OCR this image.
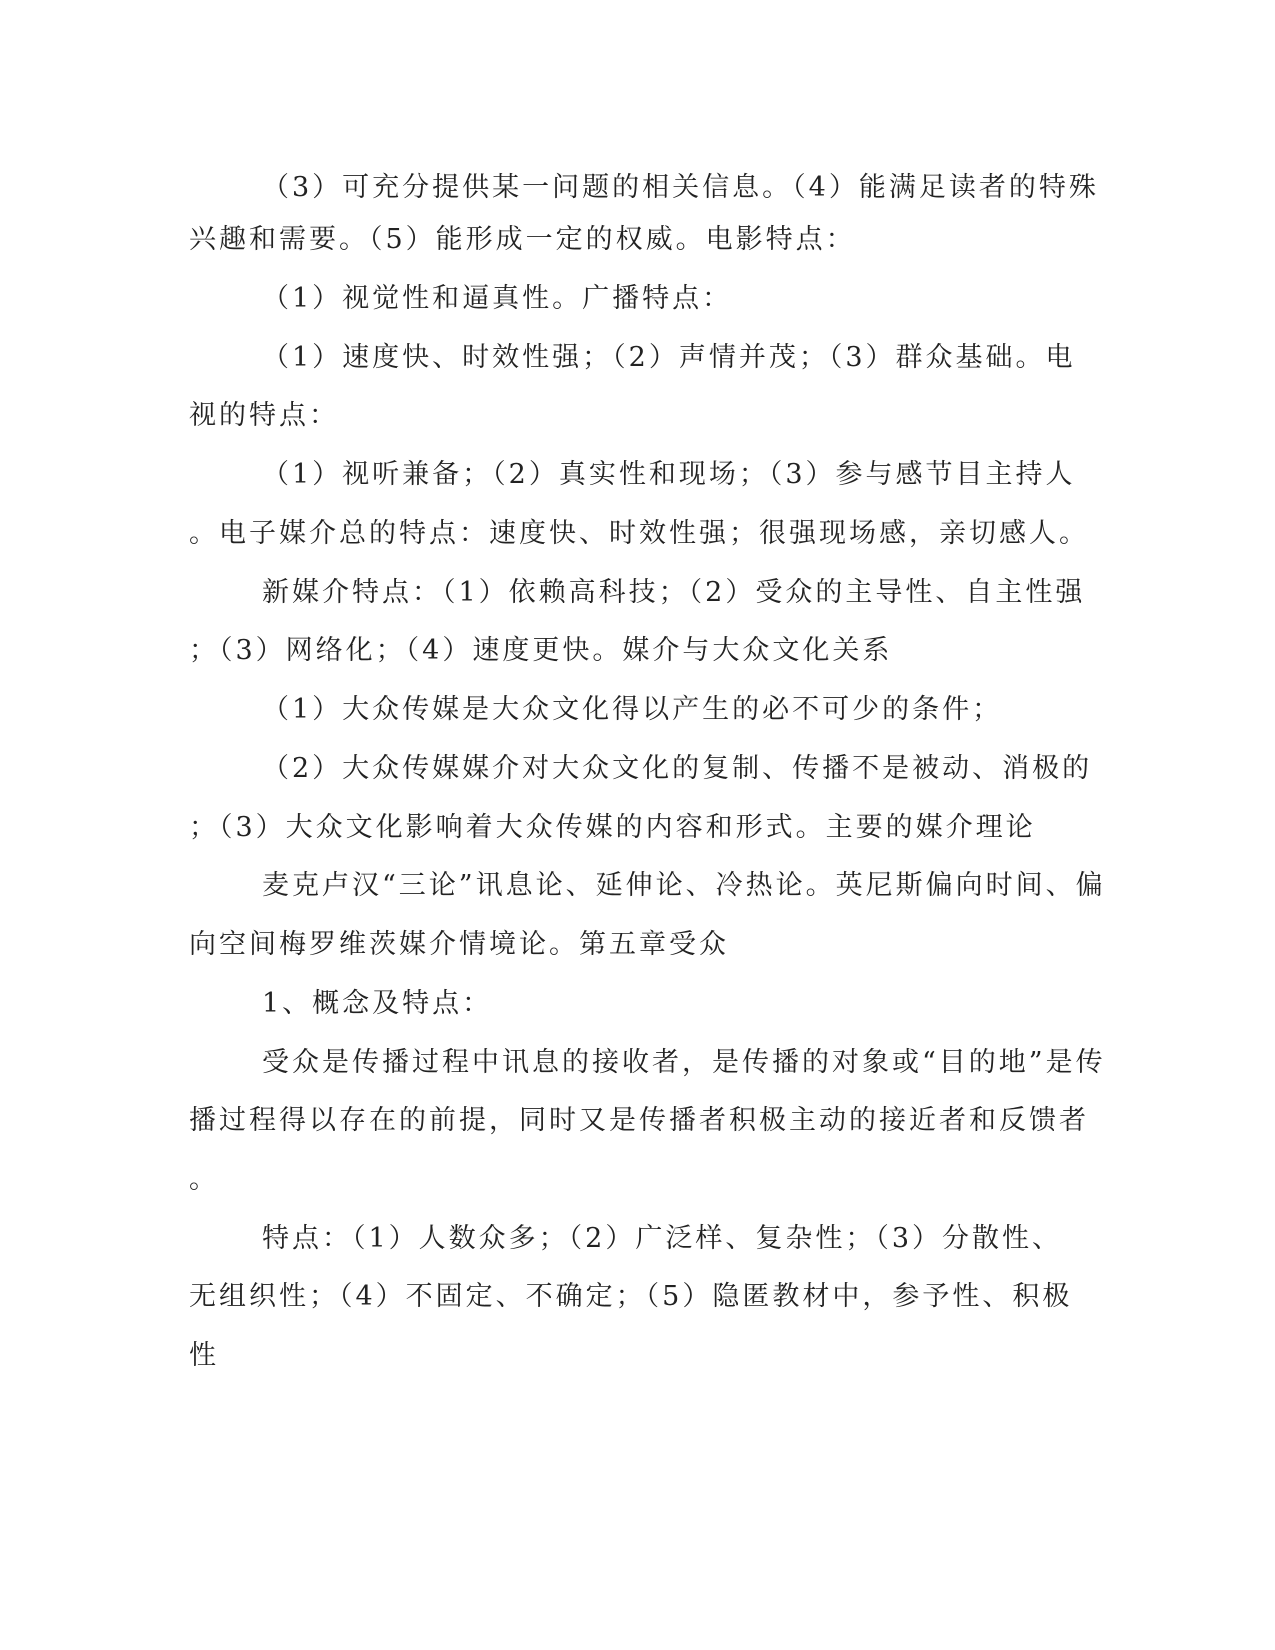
（3）可充分提供某一问题的相关信息。（4）能满足读者的特殊

兴趣和需要。（5）能形成一定的权威。电影特点：

（1）视觉性和逼真性。广播特点：

（1）速度快、时效性强；（2）声情并茂；（3）群众基础。电

视的特点：

（1）视听兼备；（2）真实性和现场；（3）参与感节目主持人

。电子媒介总的特点：速度快、时效性强；很强现场感，亲切感人。

新媒介特点：（1）依赖高科技；（2）受众的主导性、自主性强

；（3）网络化；（4）速度更快。媒介与大众文化关系

（1）大众传媒是大众文化得以产生的必不可少的条件；

（2）大众传媒媒介对大众文化的复制、传播不是被动、消极的

；（3）大众文化影响着大众传媒的内容和形式。主要的媒介理论

麦克卢汉“三论”讯息论、延伸论、冷热论。英尼斯偏向时间、偏

向空间梅罗维茨媒介情境论。第五章受众

1、概念及特点：

受众是传播过程中讯息的接收者，是传播的对象或“目的地”是传

播过程得以存在的前提，同时又是传播者积极主动的接近者和反馈者

。

特点：（1）人数众多；（2）广泛样、复杂性；（3）分散性、

无组织性；（4）不固定、不确定；（5）隐匿教材中，参予性、积极

性
